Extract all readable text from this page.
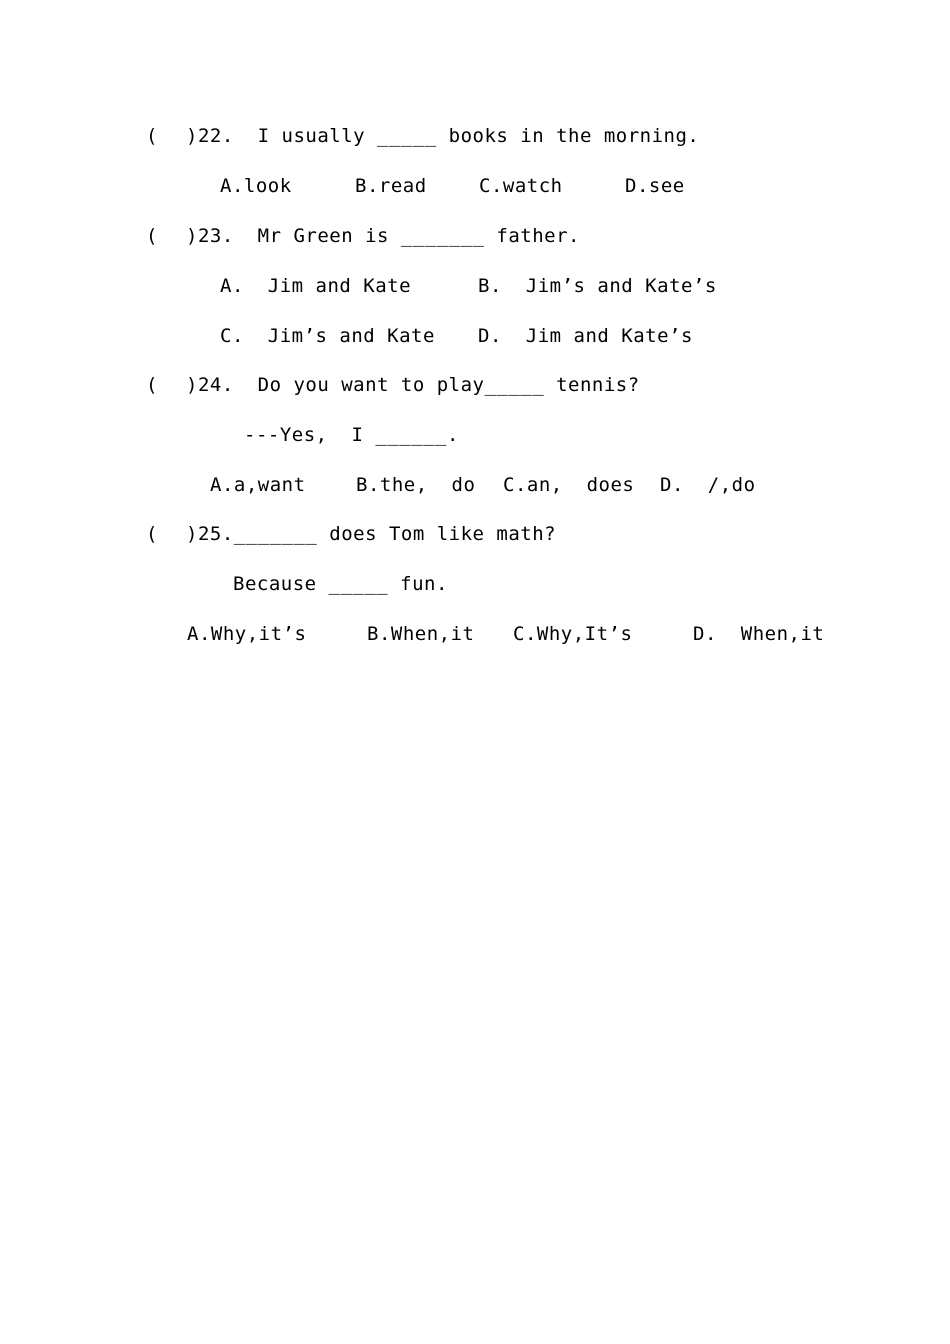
( )22.  I usually _____ books in the morning.
A.look	B.read	C.watch	D.see
( )23.  Mr Green is _______ father.
A.  Jim and Kate	B.  Jim’s and Kate’s
C.  Jim’s and Kate D.  Jim and Kate’s
( )24.  Do you want to play_____ tennis?
---Yes,  I ______.
A.a,want	B.the,  do C.an,  does D.  /,do
( )25._______ does Tom like math?
Because _____ fun.
A.Why,it’s	B.When,it C.Why,It’s	D.  When,it
